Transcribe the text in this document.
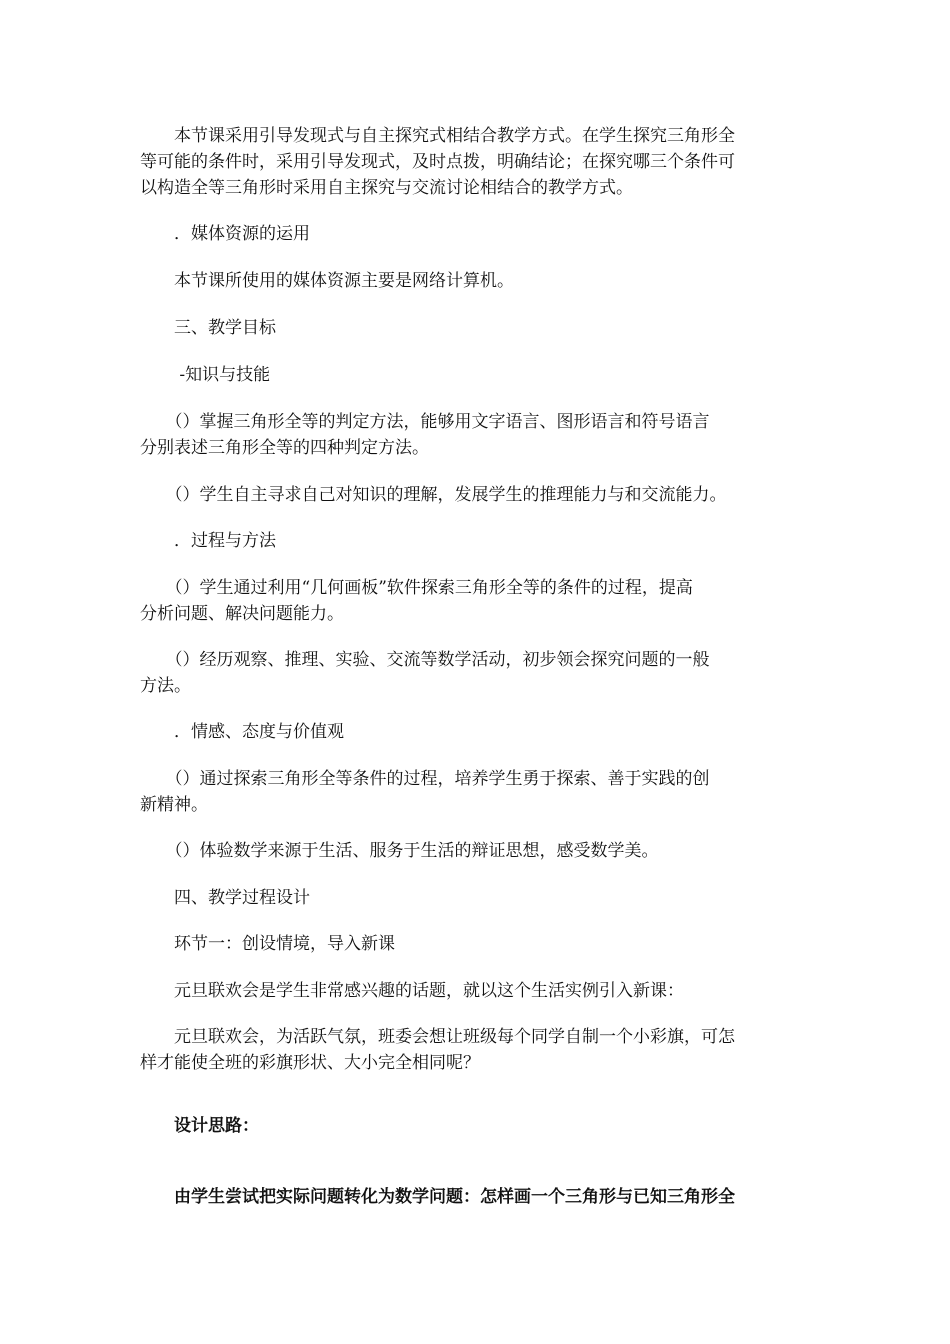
　　本节课采用引导发现式与自主探究式相结合教学方式。在学生探究三角形全
等可能的条件时，采用引导发现式，及时点拨，明确结论；在探究哪三个条件可
以构造全等三角形时采用自主探究与交流讨论相结合的教学方式。
　　．媒体资源的运用
　　本节课所使用的媒体资源主要是网络计算机。
　　三、教学目标
　　 -知识与技能
　　（）掌握三角形全等的判定方法，能够用文字语言、图形语言和符号语言
分别表述三角形全等的四种判定方法。
　　（）学生自主寻求自己对知识的理解，发展学生的推理能力与和交流能力。
　　．过程与方法
　　（）学生通过利用“几何画板”软件探索三角形全等的条件的过程，提高
分析问题、解决问题能力。
　　（）经历观察、推理、实验、交流等数学活动，初步领会探究问题的一般
方法。
　　．情感、态度与价值观
　　（）通过探索三角形全等条件的过程，培养学生勇于探索、善于实践的创
新精神。
　　（）体验数学来源于生活、服务于生活的辩证思想，感受数学美。
　　四、教学过程设计
　　环节一：创设情境，导入新课
　　元旦联欢会是学生非常感兴趣的话题，就以这个生活实例引入新课：
　　元旦联欢会，为活跃气氛，班委会想让班级每个同学自制一个小彩旗，可怎
样才能使全班的彩旗形状、大小完全相同呢？
　　设计思路：
　　由学生尝试把实际问题转化为数学问题：怎样画一个三角形与已知三角形全
